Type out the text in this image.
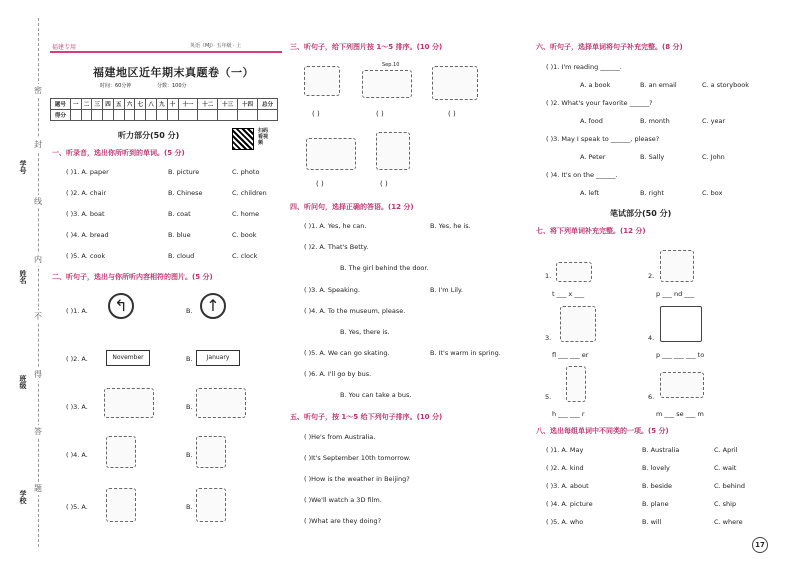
学号
姓名
班级
学校
密
封
线
内
不
得
答
题
福建专用	英语（MJ）· 五年级 · 上
福建地区近年期末真题卷（一）
时间：60分钟	分数：100分
题号	一	二	三	四	五	六	七	八	九	十	十一	十二	十三	十四	总分
得分															
听力部分(50 分)	扫码看视频
一、听录音，选出你所听到的单词。(5 分)
( )1. A. paper	B. picture	C. photo
( )2. A. chair	B. Chinese	C. children
( )3. A. boat	B. coat	C. home
( )4. A. bread	B. blue	C. book
( )5. A. cook	B. cloud	C. clock
二、听句子，选出与你所听内容相符的图片。(5 分)
( )1. A.	↰	B. ↑
( )2. A.	November	B.	January
( )3. A.	B.
( )4. A.	B.
( )5. A.	B.
三、听句子，给下列图片按 1～5 排序。(10 分)
Sep.10
( )	( )	( )
( )	( )
四、听问句，选择正确的答语。(12 分)
( )1. A. Yes, he can.	B. Yes, he is.
( )2. A. That's Betty.
B. The girl behind the door.
( )3. A. Speaking.	B. I'm Lily.
( )4. A. To the museum, please.
B. Yes, there is.
( )5. A. We can go skating.	B. It's warm in spring.
( )6. A. I'll go by bus.
B. You can take a bus.
五、听句子，按 1～5 给下列句子排序。(10 分)
( )He's from Australia.
( )It's September 10th tomorrow.
( )How is the weather in Beijing?
( )We'll watch a 3D film.
( )What are they doing?
六、听句子，选择单词将句子补充完整。(8 分)
( )1. I'm reading ______.
A. a book	B. an email	C. a storybook
( )2. What's your favorite ______?
A. food	B. month	C. year
( )3. May I speak to ______, please?
A. Peter	B. Sally	C. John
( )4. It's on the ______.
A. left	B. right	C. box
笔试部分(50 分)
七、将下列单词补充完整。(12 分)
1.
t ___ x ___
2.
p ___ nd ___
3.
fl ___ ___ er
4.
p ___ ___ ___ to
5.
h ___ ___ r
6.
m ___ se ___ m
八、选出每组单词中不同类的一项。(5 分)
( )1. A. May	B. Australia	C. April
( )2. A. kind	B. lovely	C. wait
( )3. A. about	B. beside	C. behind
( )4. A. picture	B. plane	C. ship
( )5. A. who	B. will	C. where
17
